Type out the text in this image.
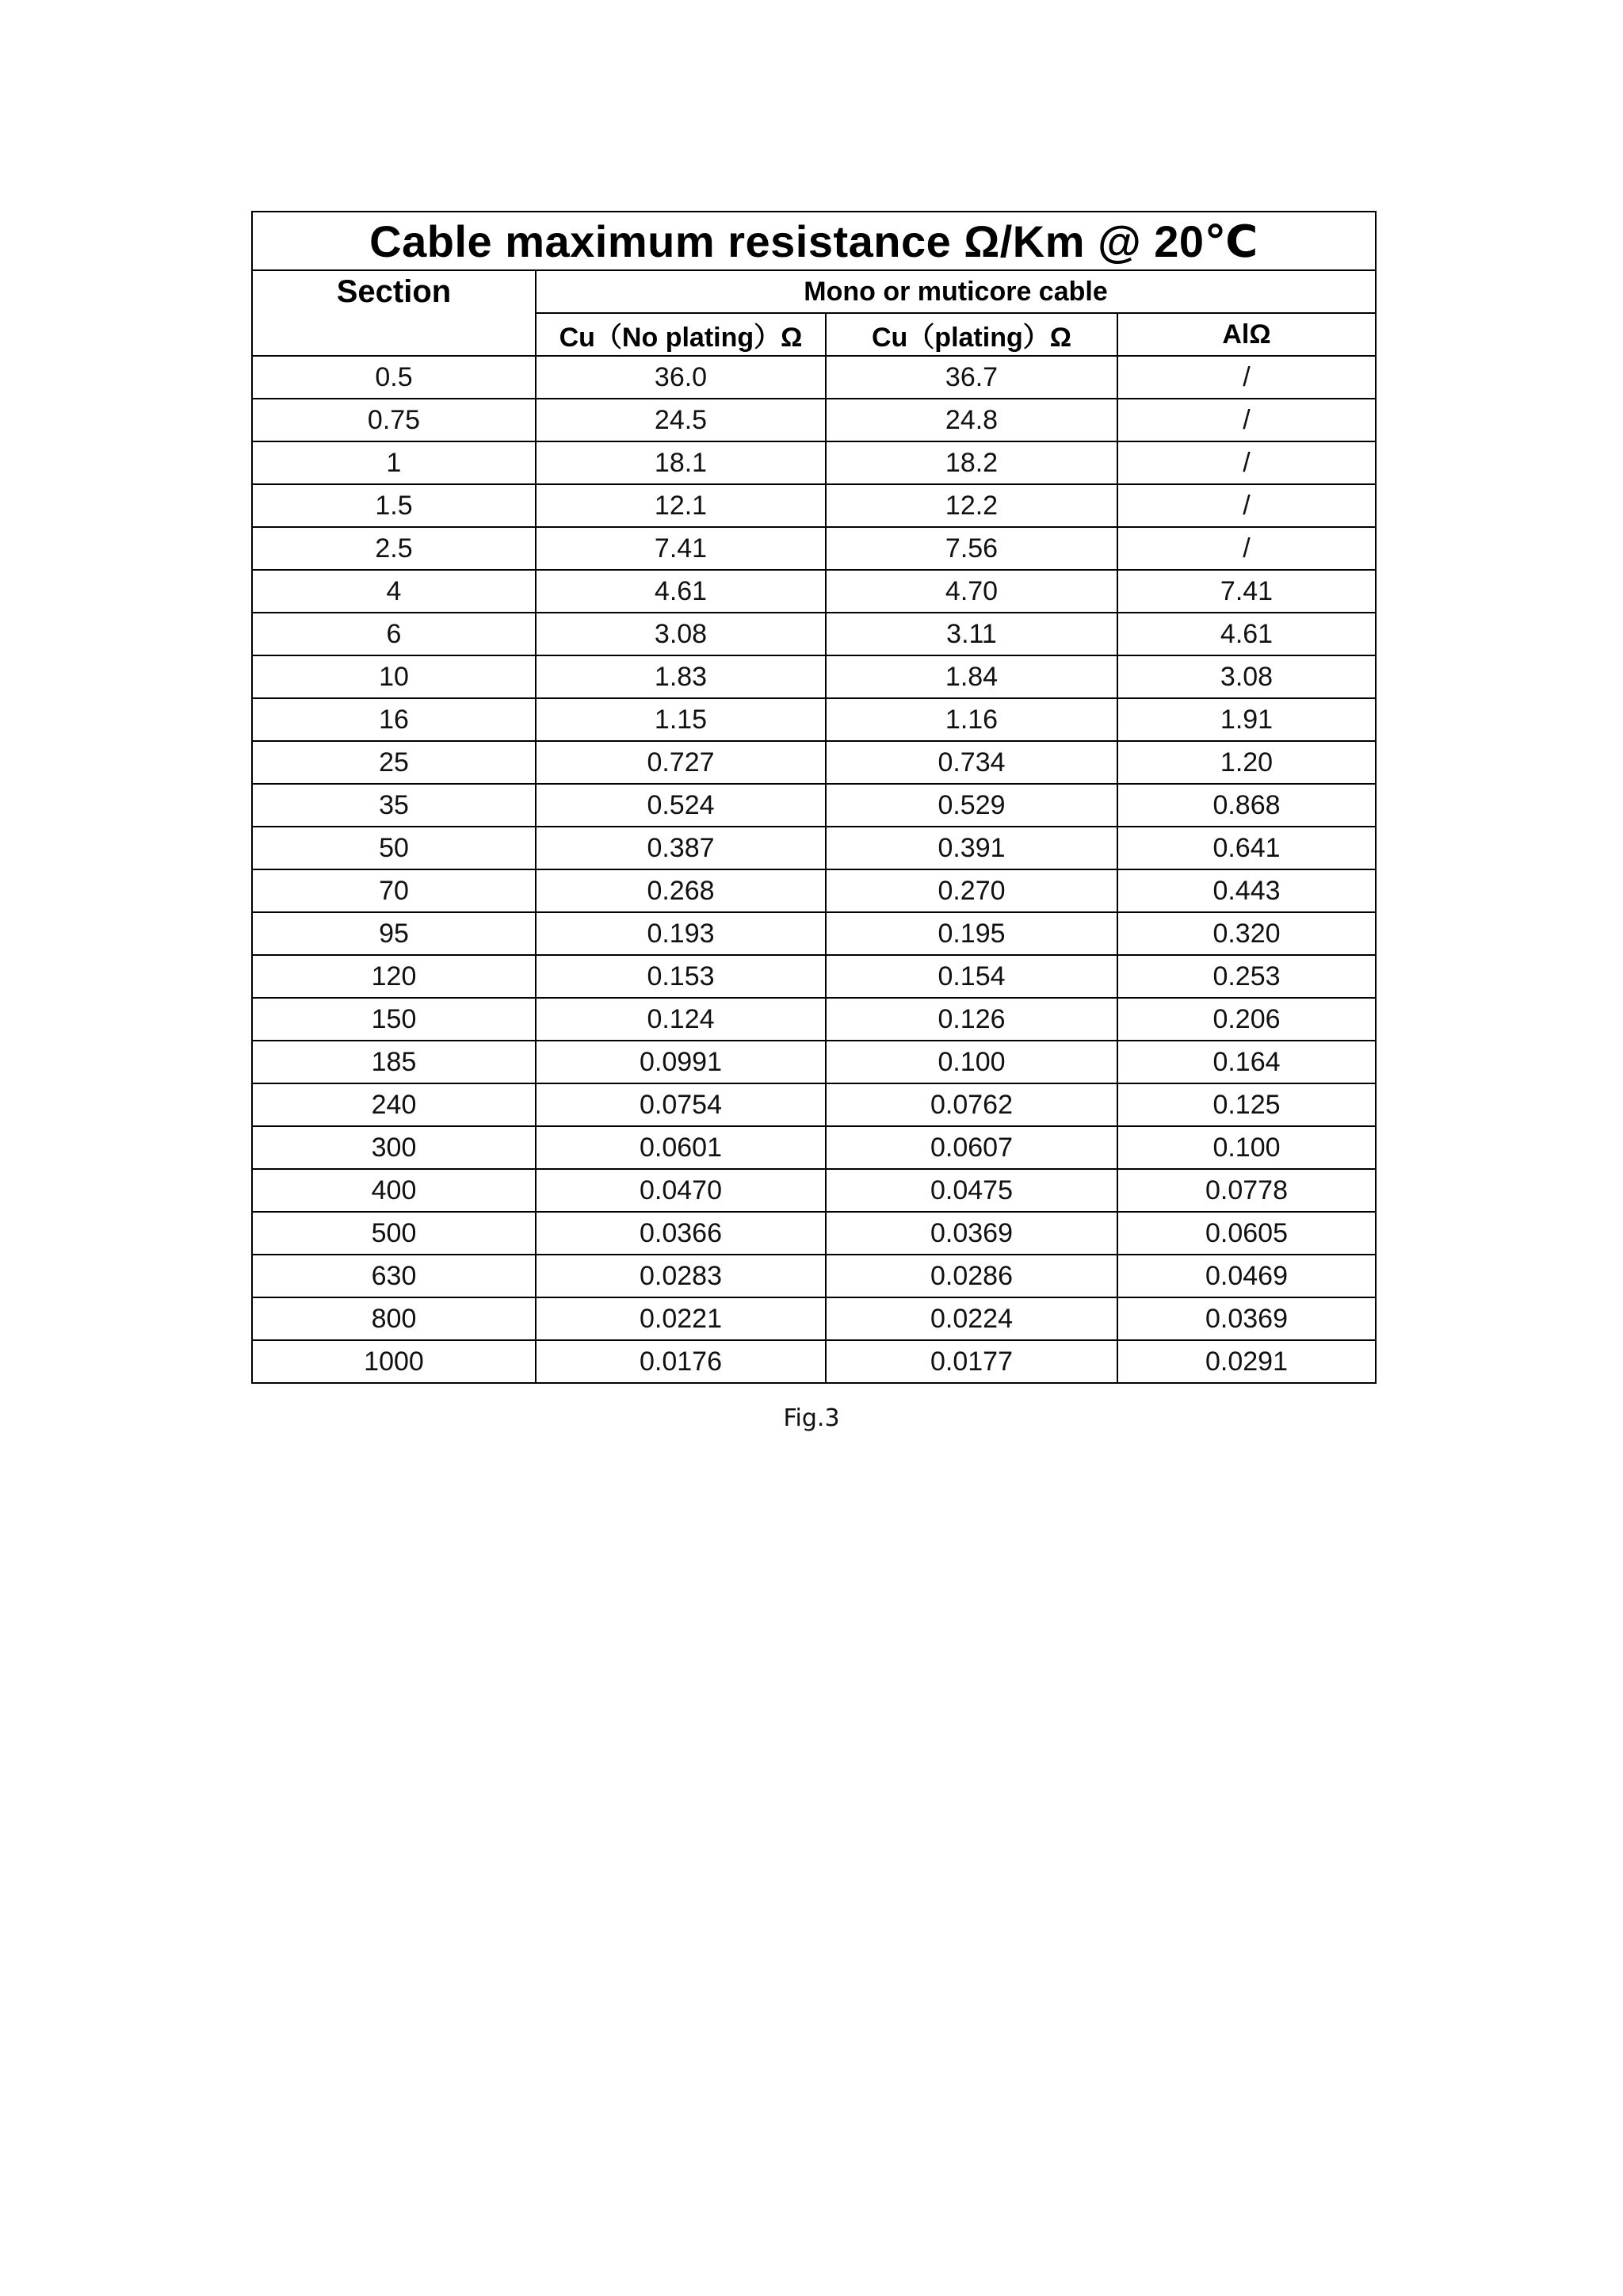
Cable maximum resistance Ω/Km @ 20℃			
Section	Mono or muticore cable		
	Cu（No plating）Ω	Cu（plating）Ω	AlΩ
0.5	36.0	36.7	/
0.75	24.5	24.8	/
1	18.1	18.2	/
1.5	12.1	12.2	/
2.5	7.41	7.56	/
4	4.61	4.70	7.41
6	3.08	3.11	4.61
10	1.83	1.84	3.08
16	1.15	1.16	1.91
25	0.727	0.734	1.20
35	0.524	0.529	0.868
50	0.387	0.391	0.641
70	0.268	0.270	0.443
95	0.193	0.195	0.320
120	0.153	0.154	0.253
150	0.124	0.126	0.206
185	0.0991	0.100	0.164
240	0.0754	0.0762	0.125
300	0.0601	0.0607	0.100
400	0.0470	0.0475	0.0778
500	0.0366	0.0369	0.0605
630	0.0283	0.0286	0.0469
800	0.0221	0.0224	0.0369
1000	0.0176	0.0177	0.0291
Fig.3
